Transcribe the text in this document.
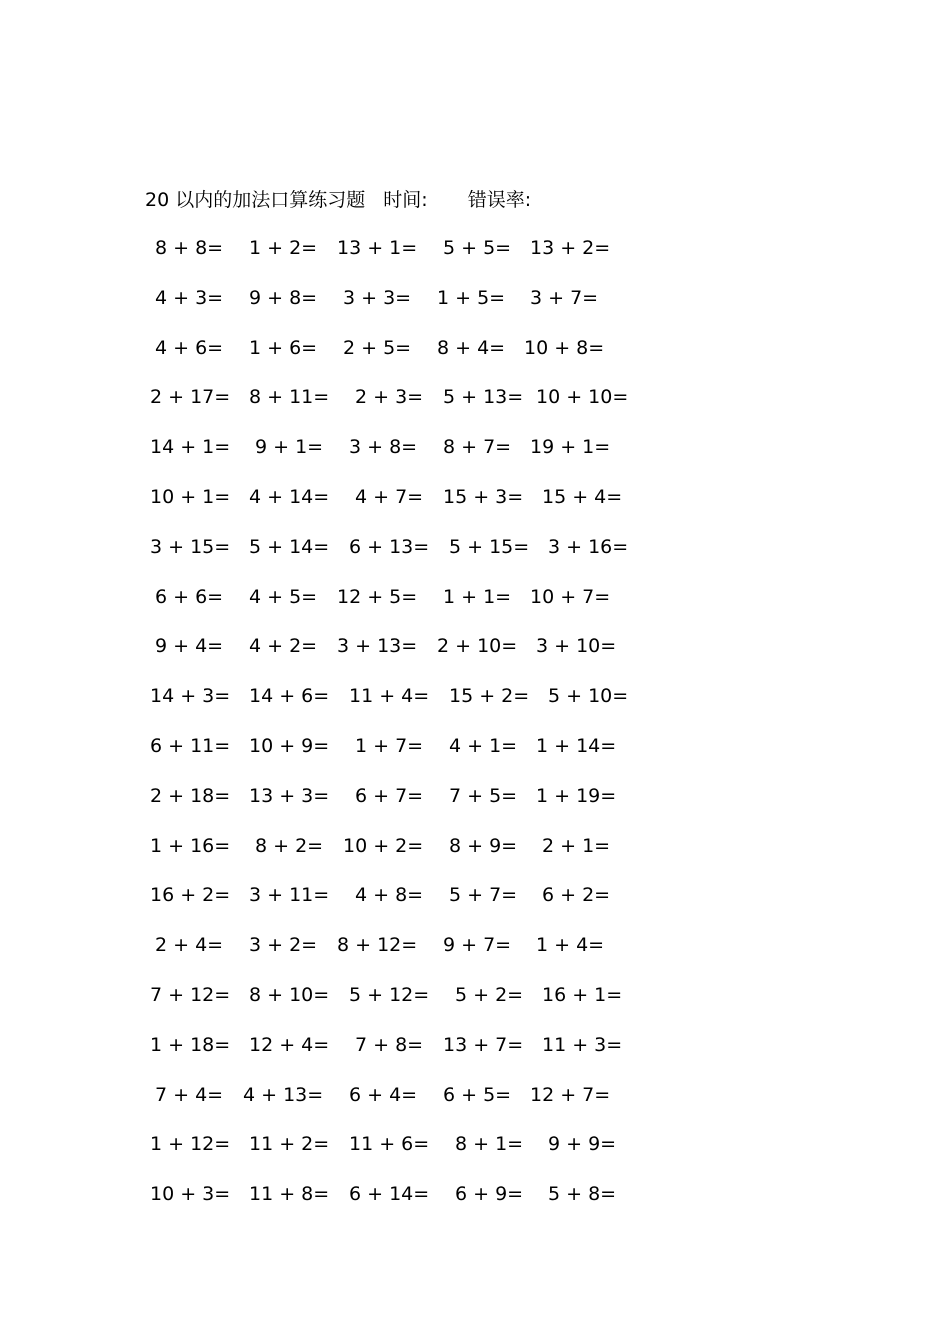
20 以内的加法口算练习题 时间: 错误率:
8 + 8= 1 + 2= 13 + 1= 5 + 5= 13 + 2=
4 + 3= 9 + 8= 3 + 3= 1 + 5= 3 + 7=
4 + 6= 1 + 6= 2 + 5= 8 + 4= 10 + 8=
2 + 17= 8 + 11= 2 + 3= 5 + 13= 10 + 10=
14 + 1= 9 + 1= 3 + 8= 8 + 7= 19 + 1=
10 + 1= 4 + 14= 4 + 7= 15 + 3= 15 + 4=
3 + 15= 5 + 14= 6 + 13= 5 + 15= 3 + 16=
6 + 6= 4 + 5= 12 + 5= 1 + 1= 10 + 7=
9 + 4= 4 + 2= 3 + 13= 2 + 10= 3 + 10=
14 + 3= 14 + 6= 11 + 4= 15 + 2= 5 + 10=
6 + 11= 10 + 9= 1 + 7= 4 + 1= 1 + 14=
2 + 18= 13 + 3= 6 + 7= 7 + 5= 1 + 19=
1 + 16= 8 + 2= 10 + 2= 8 + 9= 2 + 1=
16 + 2= 3 + 11= 4 + 8= 5 + 7= 6 + 2=
2 + 4= 3 + 2= 8 + 12= 9 + 7= 1 + 4=
7 + 12= 8 + 10= 5 + 12= 5 + 2= 16 + 1=
1 + 18= 12 + 4= 7 + 8= 13 + 7= 11 + 3=
7 + 4= 4 + 13= 6 + 4= 6 + 5= 12 + 7=
1 + 12= 11 + 2= 11 + 6= 8 + 1= 9 + 9=
10 + 3= 11 + 8= 6 + 14= 6 + 9= 5 + 8=
